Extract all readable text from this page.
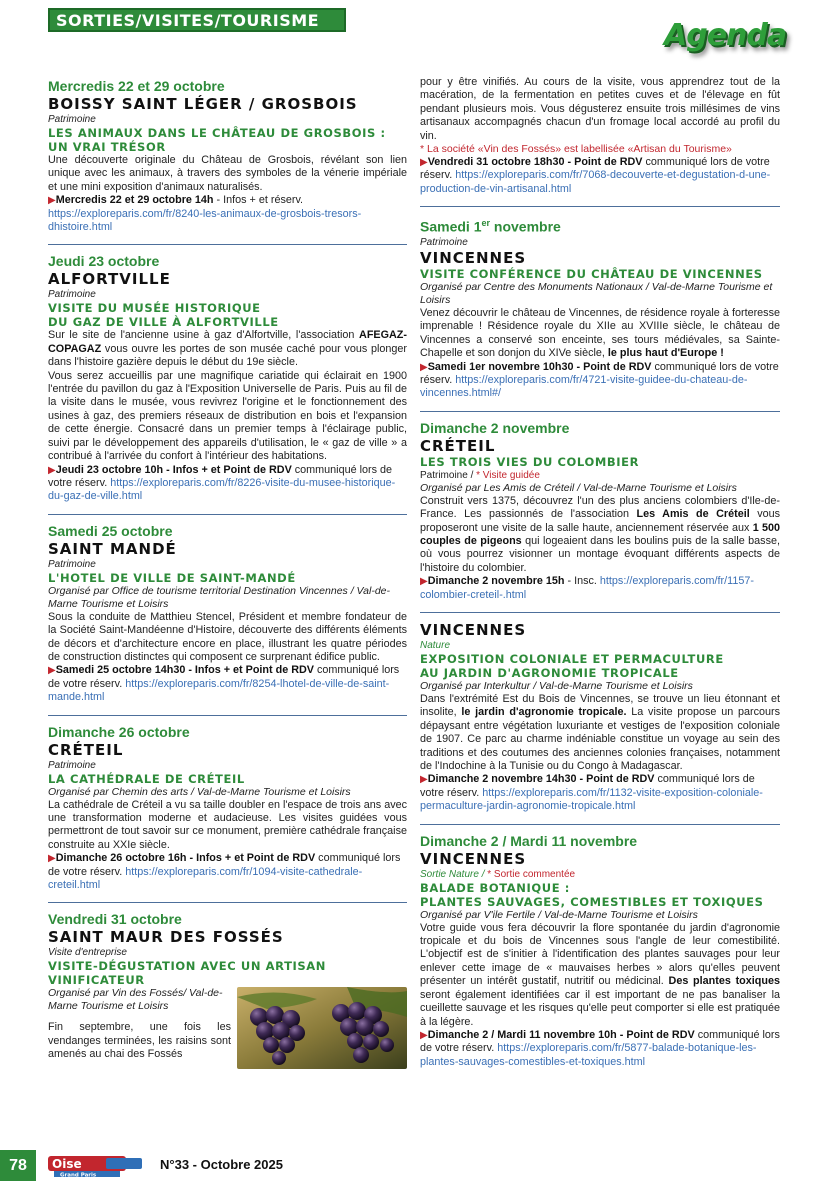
SORTIES/VISITES/TOURISME	Agenda
Mercredis 22 et 29 octobre
BOISSY SAINT LÉGER / GROSBOIS
Patrimoine
LES ANIMAUX DANS LE CHÂTEAU DE GROSBOIS :
UN VRAI TRÉSOR
Une découverte originale du Château de Grosbois, révélant son lien unique avec les animaux, à travers des symboles de la vénerie impériale et une mini exposition d'animaux naturalisés.
▶Mercredis 22 et 29 octobre 14h - Infos + et réserv. https://exploreparis.com/fr/8240-les-animaux-de-grosbois-tresors-dhistoire.html
Jeudi 23 octobre
ALFORTVILLE
Patrimoine
VISITE DU MUSÉE HISTORIQUE
DU GAZ DE VILLE À ALFORTVILLE
Sur le site de l'ancienne usine à gaz d'Alfortville, l'association AFEGAZ-COPAGAZ vous ouvre les portes de son musée caché pour vous plonger dans l'histoire gazière depuis le début du 19e siècle.
Vous serez accueillis par une magnifique cariatide qui éclairait en 1900 l'entrée du pavillon du gaz à l'Exposition Universelle de Paris. Puis au fil de la visite dans le musée, vous revivrez l'origine et le fonctionnement des usines à gaz, des premiers réseaux de distribution en bois et l'expansion de cette énergie. Consacré dans un premier temps à l'éclairage public, suivi par le développement des appareils d'utilisation, le « gaz de ville » a contribué à l'arrivée du confort à l'intérieur des habitations.
▶Jeudi 23 octobre 10h - Infos + et Point de RDV communiqué lors de votre réserv. https://exploreparis.com/fr/8226-visite-du-musee-historique-du-gaz-de-ville.html
Samedi 25 octobre
SAINT MANDÉ
Patrimoine
L'HOTEL DE VILLE DE SAINT-MANDÉ
Organisé par Office de tourisme territorial Destination Vincennes / Val-de-Marne Tourisme et Loisirs
Sous la conduite de Matthieu Stencel, Président et membre fondateur de la Société Saint-Mandéenne d'Histoire, découverte des différents éléments de décors et d'architecture encore en place, illustrant les quatre périodes de construction distinctes qui composent ce surprenant édifice public.
▶Samedi 25 octobre 14h30 - Infos + et Point de RDV communiqué lors de votre réserv. https://exploreparis.com/fr/8254-lhotel-de-ville-de-saint-mande.html
Dimanche 26 octobre
CRÉTEIL
Patrimoine
LA CATHÉDRALE DE CRÉTEIL
Organisé par Chemin des arts / Val-de-Marne Tourisme et Loisirs
La cathédrale de Créteil a vu sa taille doubler en l'espace de trois ans avec une transformation moderne et audacieuse. Les visites guidées vous permettront de tout savoir sur ce monument, première cathédrale française construite au XXIe siècle.
▶Dimanche 26 octobre 16h - Infos + et Point de RDV communiqué lors de votre réserv. https://exploreparis.com/fr/1094-visite-cathedrale-creteil.html
Vendredi 31 octobre
SAINT MAUR DES FOSSÉS
Visite d'entreprise
VISITE-DÉGUSTATION AVEC UN ARTISAN VINIFICATEUR
Organisé par Vin des Fossés/ Val-de-Marne Tourisme et Loisirs
Fin septembre, une fois les vendanges terminées, les raisins sont amenés au chai des Fossés
pour y être vinifiés. Au cours de la visite, vous apprendrez tout de la macération, de la fermentation en petites cuves et de l'élevage en fût pendant plusieurs mois. Vous dégusterez ensuite trois millésimes de vins artisanaux accompagnés chacun d'un fromage local accordé au profil du vin.
* La société «Vin des Fossés» est labellisée «Artisan du Tourisme»
▶Vendredi 31 octobre 18h30 - Point de RDV communiqué lors de votre réserv. https://exploreparis.com/fr/7068-decouverte-et-degustation-d-une-production-de-vin-artisanal.html
Samedi 1er novembre
Patrimoine
VINCENNES
VISITE CONFÉRENCE DU CHÂTEAU DE VINCENNES
Organisé par Centre des Monuments Nationaux / Val-de-Marne Tourisme et Loisirs
Venez découvrir le château de Vincennes, de résidence royale à forteresse imprenable ! Résidence royale du XIIe au XVIIIe siècle, le château de Vincennes a conservé son enceinte, ses tours médiévales, sa Sainte-Chapelle et son donjon du XIVe siècle, le plus haut d'Europe !
▶Samedi 1er novembre 10h30 - Point de RDV communiqué lors de votre réserv. https://exploreparis.com/fr/4721-visite-guidee-du-chateau-de-vincennes.html#/
Dimanche 2 novembre
CRÉTEIL
LES TROIS VIES DU COLOMBIER
Patrimoine / * Visite guidée
Organisé par Les Amis de Créteil / Val-de-Marne Tourisme et Loisirs
Construit vers 1375, découvrez l'un des plus anciens colombiers d'Ile-de-France. Les passionnés de l'association Les Amis de Créteil vous proposeront une visite de la salle haute, anciennement réservée aux 1 500 couples de pigeons qui logeaient dans les boulins puis de la salle basse, où vous pourrez visionner un montage évoquant différents aspects de l'histoire du colombier.
▶Dimanche 2 novembre 15h - Insc. https://exploreparis.com/fr/1157-colombier-creteil-.html
VINCENNES
Nature
EXPOSITION COLONIALE ET PERMACULTURE
AU JARDIN D'AGRONOMIE TROPICALE
Organisé par Interkultur / Val-de-Marne Tourisme et Loisirs
Dans l'extrémité Est du Bois de Vincennes, se trouve un lieu étonnant et insolite, le jardin d'agronomie tropicale. La visite propose un parcours dépaysant entre végétation luxuriante et vestiges de l'exposition coloniale de 1907. Ce parc au charme indéniable constitue un voyage au sein des traditions et des coutumes des anciennes colonies françaises, notamment de l'Indochine à la Tunisie ou du Congo à Madagascar.
▶Dimanche 2 novembre 14h30 - Point de RDV communiqué lors de votre réserv. https://exploreparis.com/fr/1132-visite-exposition-coloniale-permaculture-jardin-agronomie-tropicale.html
Dimanche 2 / Mardi 11 novembre
VINCENNES
Sortie Nature / * Sortie commentée
BALADE BOTANIQUE :
PLANTES SAUVAGES, COMESTIBLES ET TOXIQUES
Organisé par V'ile Fertile / Val-de-Marne Tourisme et Loisirs
Votre guide vous fera découvrir la flore spontanée du jardin d'agronomie tropicale et du bois de Vincennes sous l'angle de leur comestibilité. L'objectif est de s'initier à l'identification des plantes sauvages pour leur enlever cette image de « mauvaises herbes » alors qu'elles peuvent présenter un intérêt gustatif, nutritif ou médicinal. Des plantes toxiques seront également identifiées car il est important de ne pas banaliser la cueillette sauvage et les risques qu'elle peut comporter si elle est pratiquée à la légère.
▶Dimanche 2 / Mardi 11 novembre 10h - Point de RDV communiqué lors de votre réserv. https://exploreparis.com/fr/5877-balade-botanique-les-plantes-sauvages-comestibles-et-toxiques.html
78	Oise
Grand Paris
N°33 - Octobre 2025
